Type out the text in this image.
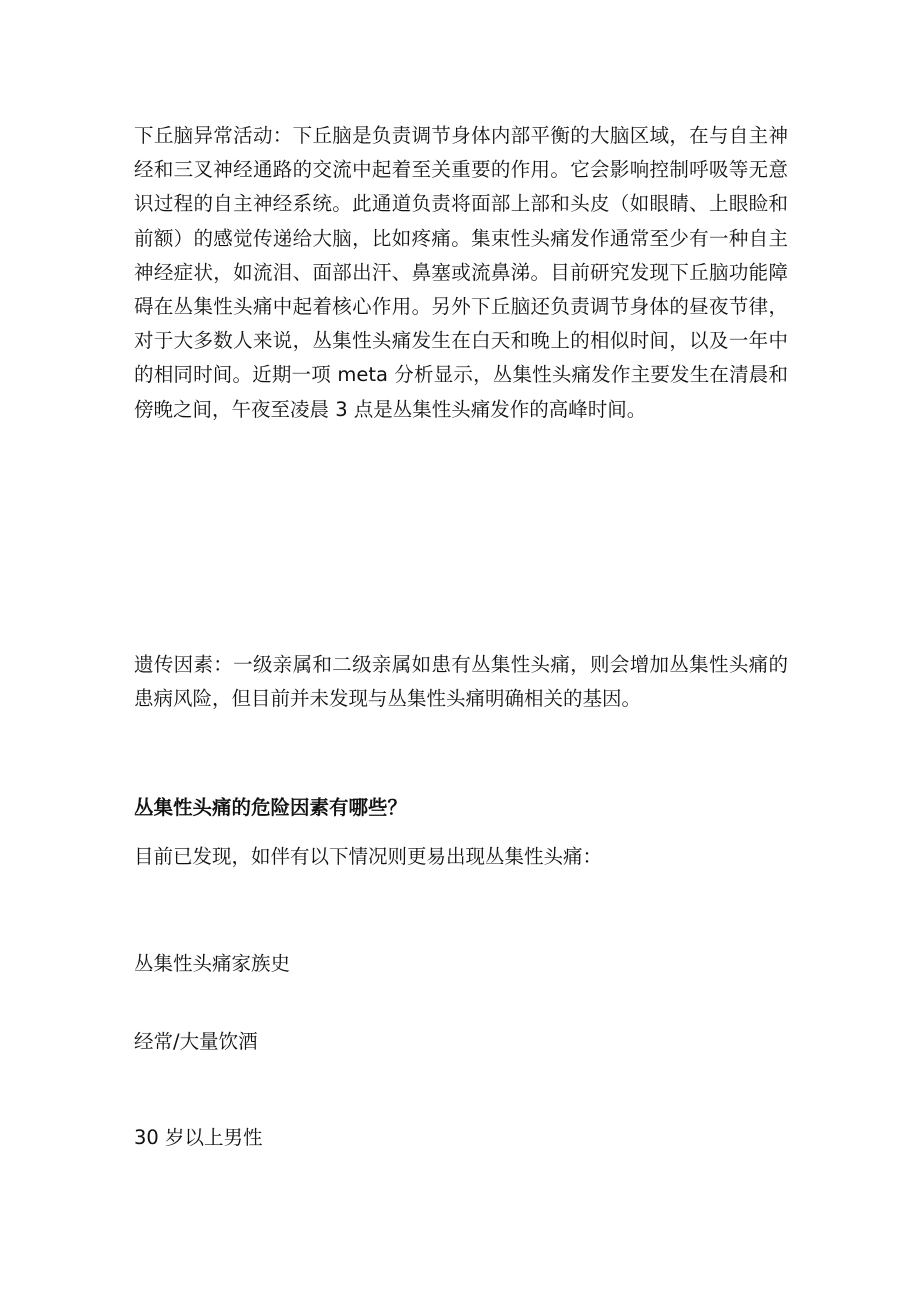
下丘脑异常活动：下丘脑是负责调节身体内部平衡的大脑区域，在与自主神经和三叉神经通路的交流中起着至关重要的作用。它会影响控制呼吸等无意识过程的自主神经系统。此通道负责将面部上部和头皮（如眼睛、上眼睑和前额）的感觉传递给大脑，比如疼痛。集束性头痛发作通常至少有一种自主神经症状，如流泪、面部出汗、鼻塞或流鼻涕。目前研究发现下丘脑功能障碍在丛集性头痛中起着核心作用。另外下丘脑还负责调节身体的昼夜节律，对于大多数人来说，丛集性头痛发生在白天和晚上的相似时间，以及一年中的相同时间。近期一项 meta 分析显示，丛集性头痛发作主要发生在清晨和傍晚之间，午夜至凌晨 3 点是丛集性头痛发作的高峰时间。

遗传因素：一级亲属和二级亲属如患有丛集性头痛，则会增加丛集性头痛的患病风险，但目前并未发现与丛集性头痛明确相关的基因。

丛集性头痛的危险因素有哪些？

目前已发现，如伴有以下情况则更易出现丛集性头痛：

丛集性头痛家族史

经常/大量饮酒

30 岁以上男性
